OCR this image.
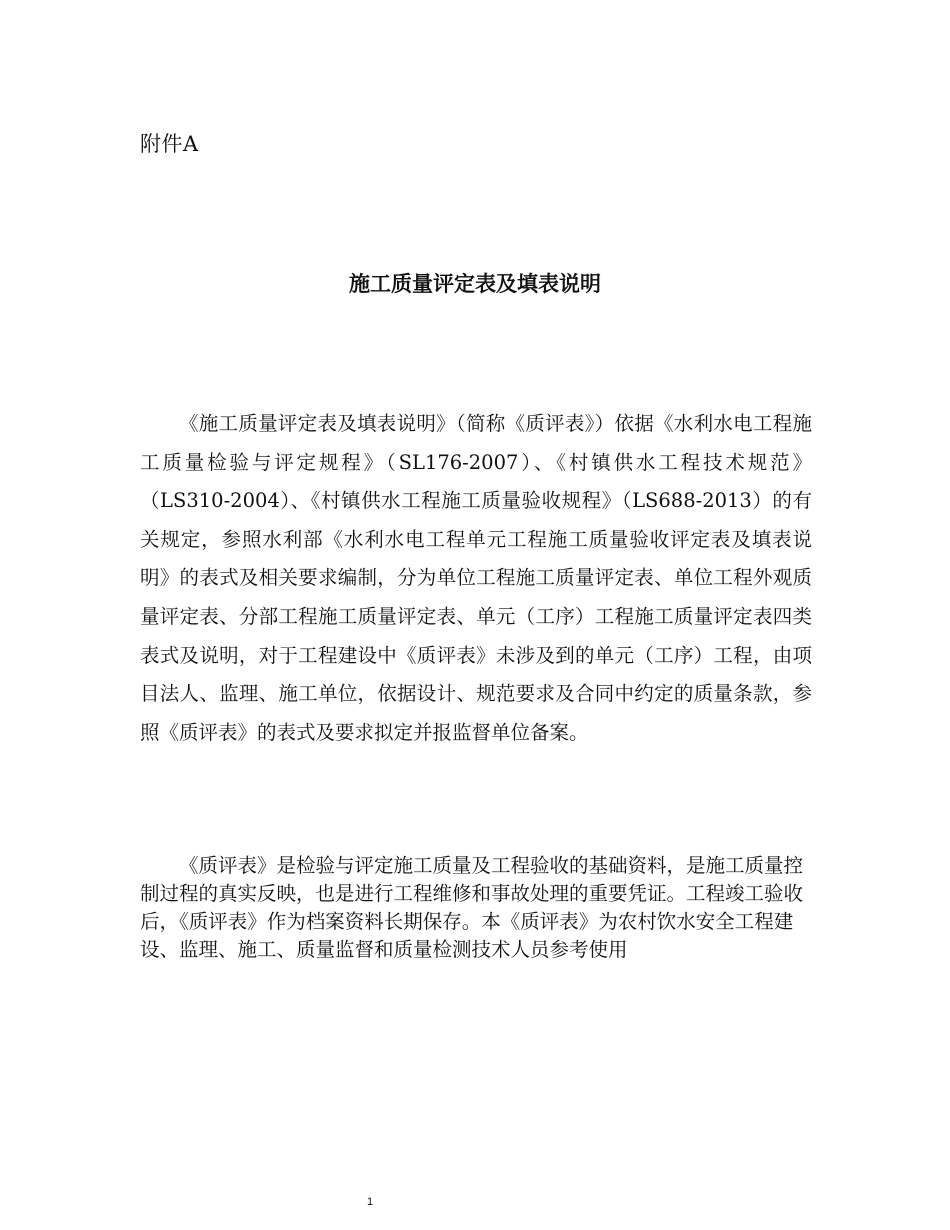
附件A
施工质量评定表及填表说明

《施工质量评定表及填表说明》（简称《质评表》）依据《水利水电工程施工质量检验与评定规程》（SL176-2007）、《村镇供水工程技术规范》（LS310-2004）、《村镇供水工程施工质量验收规程》（LS688-2013）的有关规定，参照水利部《水利水电工程单元工程施工质量验收评定表及填表说明》的表式及相关要求编制，分为单位工程施工质量评定表、单位工程外观质量评定表、分部工程施工质量评定表、单元（工序）工程施工质量评定表四类表式及说明，对于工程建设中《质评表》未涉及到的单元（工序）工程，由项目法人、监理、施工单位，依据设计、规范要求及合同中约定的质量条款，参照《质评表》的表式及要求拟定并报监督单位备案。

《质评表》是检验与评定施工质量及工程验收的基础资料，是施工质量控制过程的真实反映，也是进行工程维修和事故处理的重要凭证。工程竣工验收后，《质评表》作为档案资料长期保存。本《质评表》为农村饮水安全工程建设、监理、施工、质量监督和质量检测技术人员参考使用

1
